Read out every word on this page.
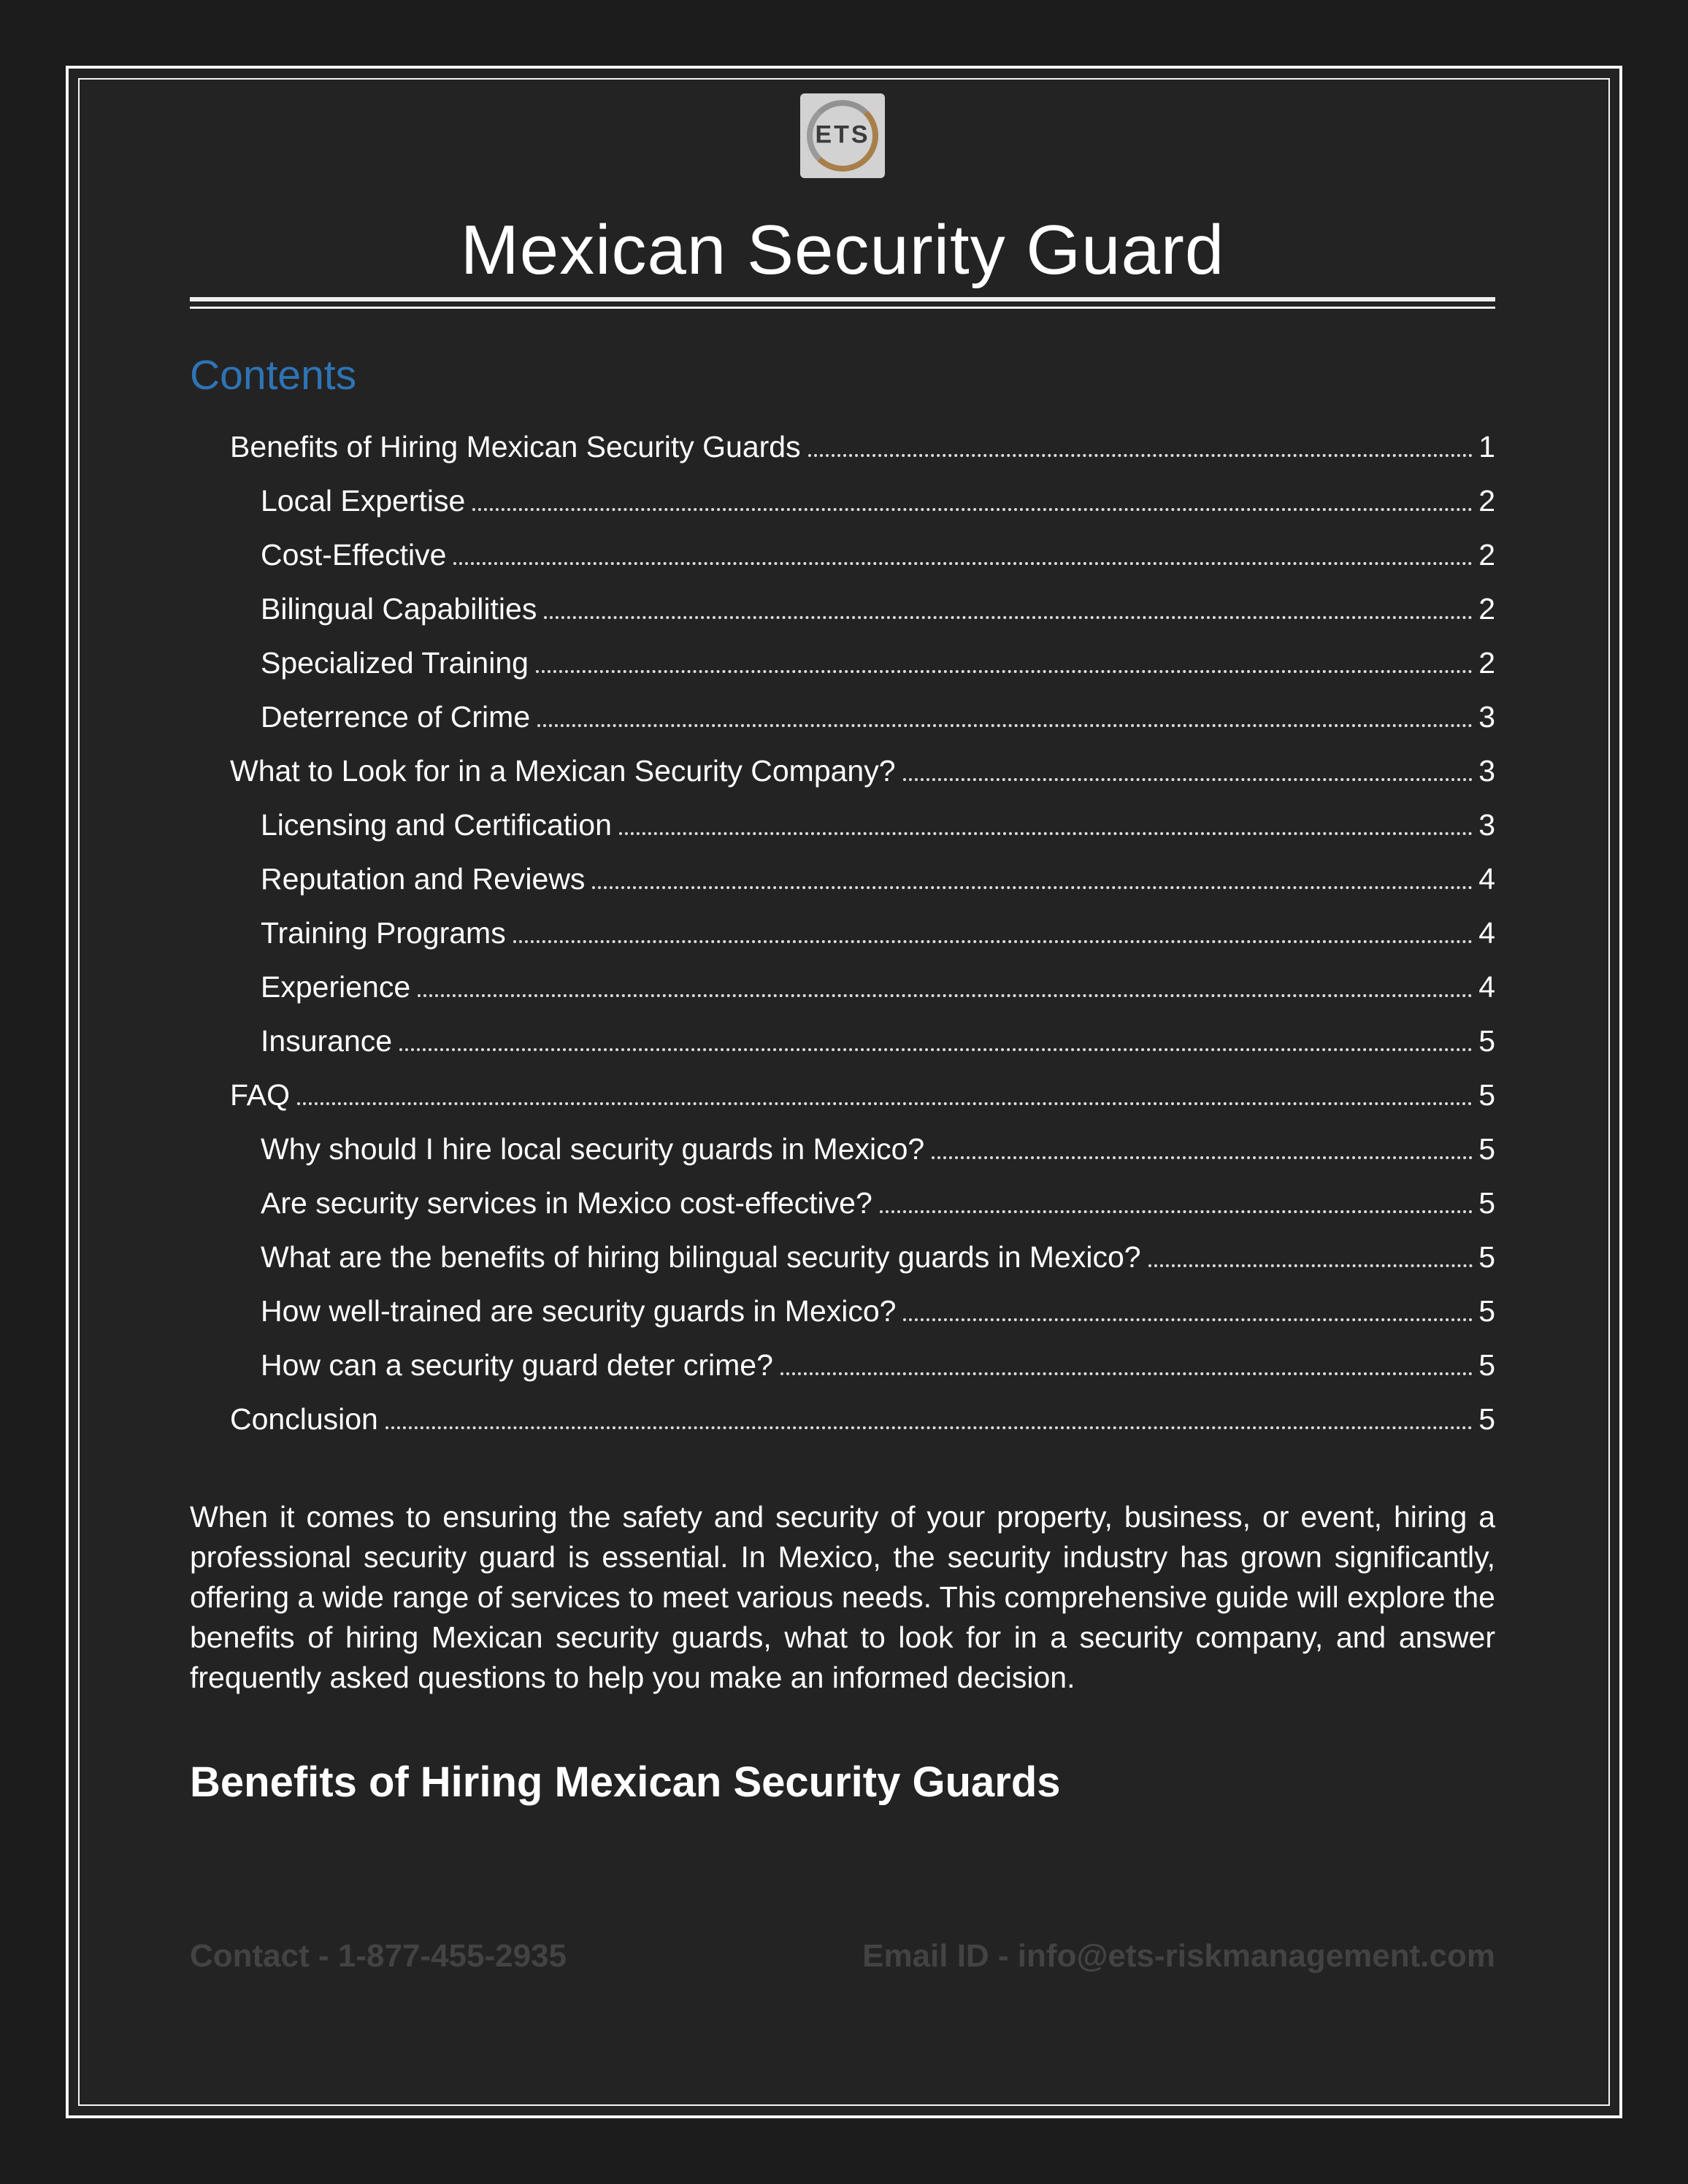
ETS
Mexican Security Guard
Contents
Benefits of Hiring Mexican Security Guards	1
Local Expertise	2
Cost-Effective	2
Bilingual Capabilities	2
Specialized Training	2
Deterrence of Crime	3
What to Look for in a Mexican Security Company?	3
Licensing and Certification	3
Reputation and Reviews	4
Training Programs	4
Experience	4
Insurance	5
FAQ	5
Why should I hire local security guards in Mexico?	5
Are security services in Mexico cost-effective?	5
What are the benefits of hiring bilingual security guards in Mexico?	5
How well-trained are security guards in Mexico?	5
How can a security guard deter crime?	5
Conclusion	5

When it comes to ensuring the safety and security of your property, business, or event, hiring a professional security guard is essential. In Mexico, the security industry has grown significantly, offering a wide range of services to meet various needs. This comprehensive guide will explore the benefits of hiring Mexican security guards, what to look for in a security company, and answer frequently asked questions to help you make an informed decision.

Benefits of Hiring Mexican Security Guards
Contact - 1-877-455-2935	Email ID - info@ets-riskmanagement.com
